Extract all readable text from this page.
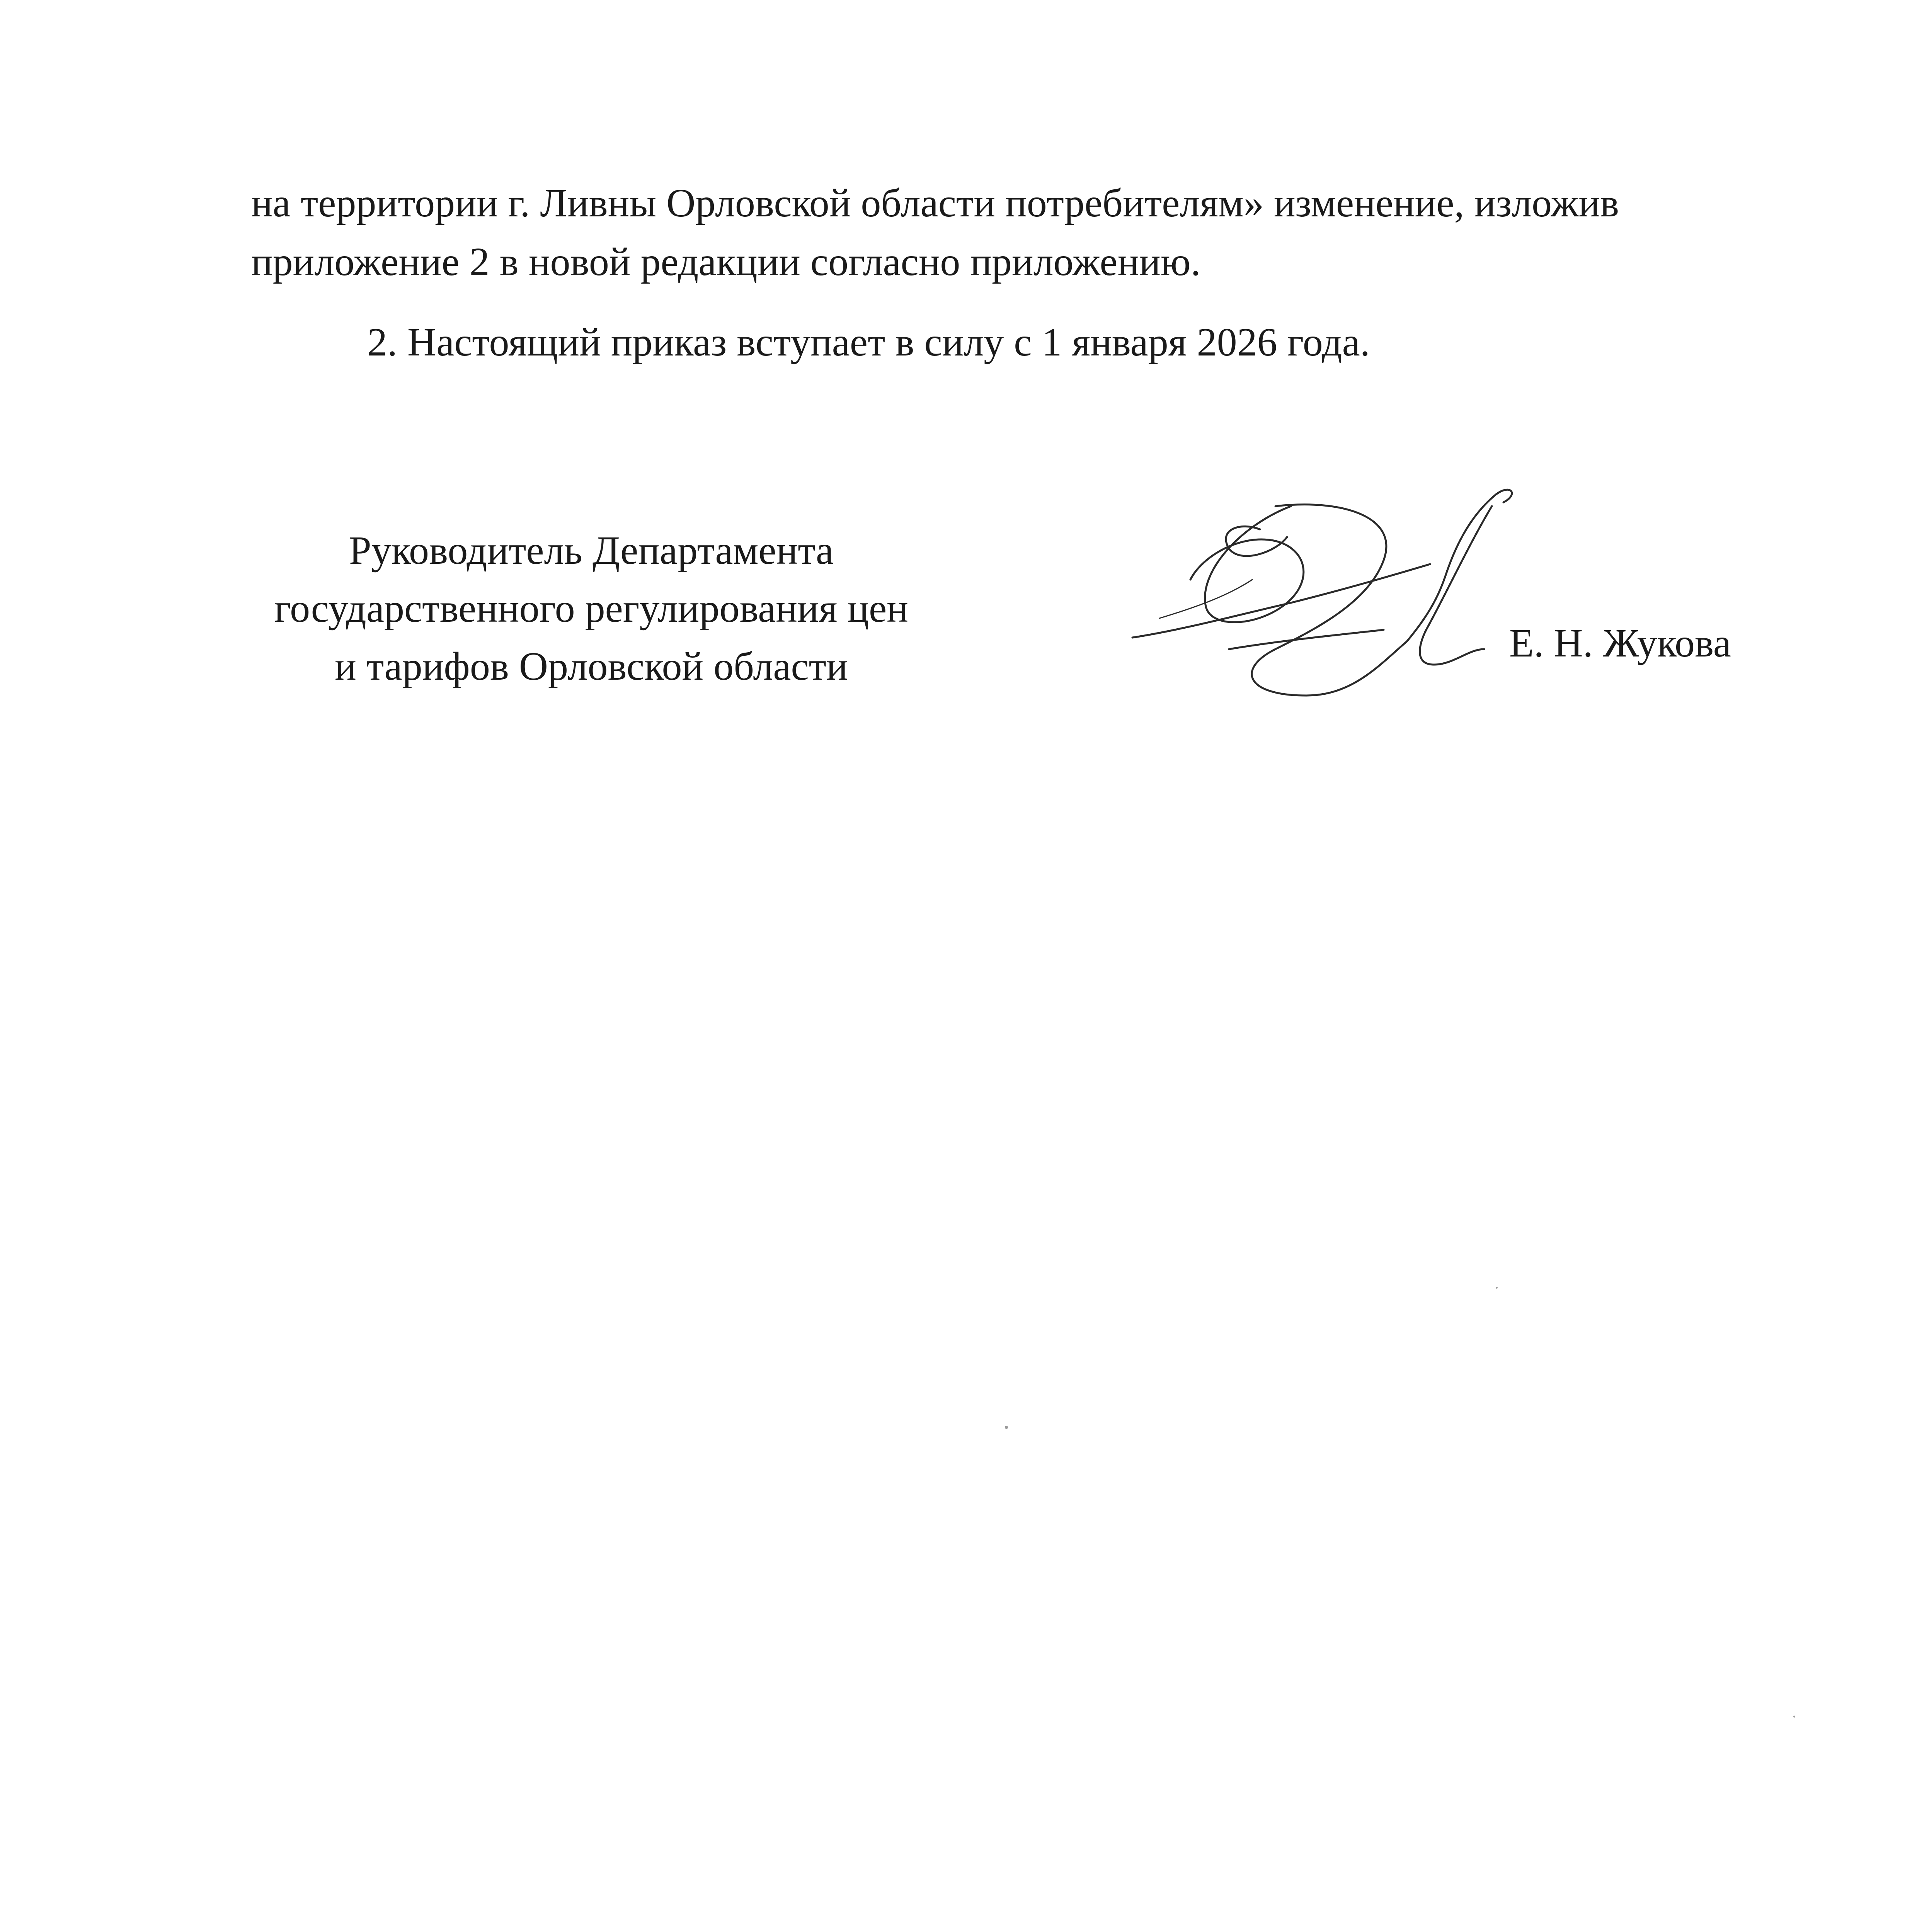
на территории г. Ливны Орловской области потребителям» изменение, изложив
приложение 2 в новой редакции согласно приложению.
2. Настоящий приказ вступает в силу с 1 января 2026 года.
Руководитель Департамента
государственного регулирования цен
и тарифов Орловской области
Е. Н. Жукова
